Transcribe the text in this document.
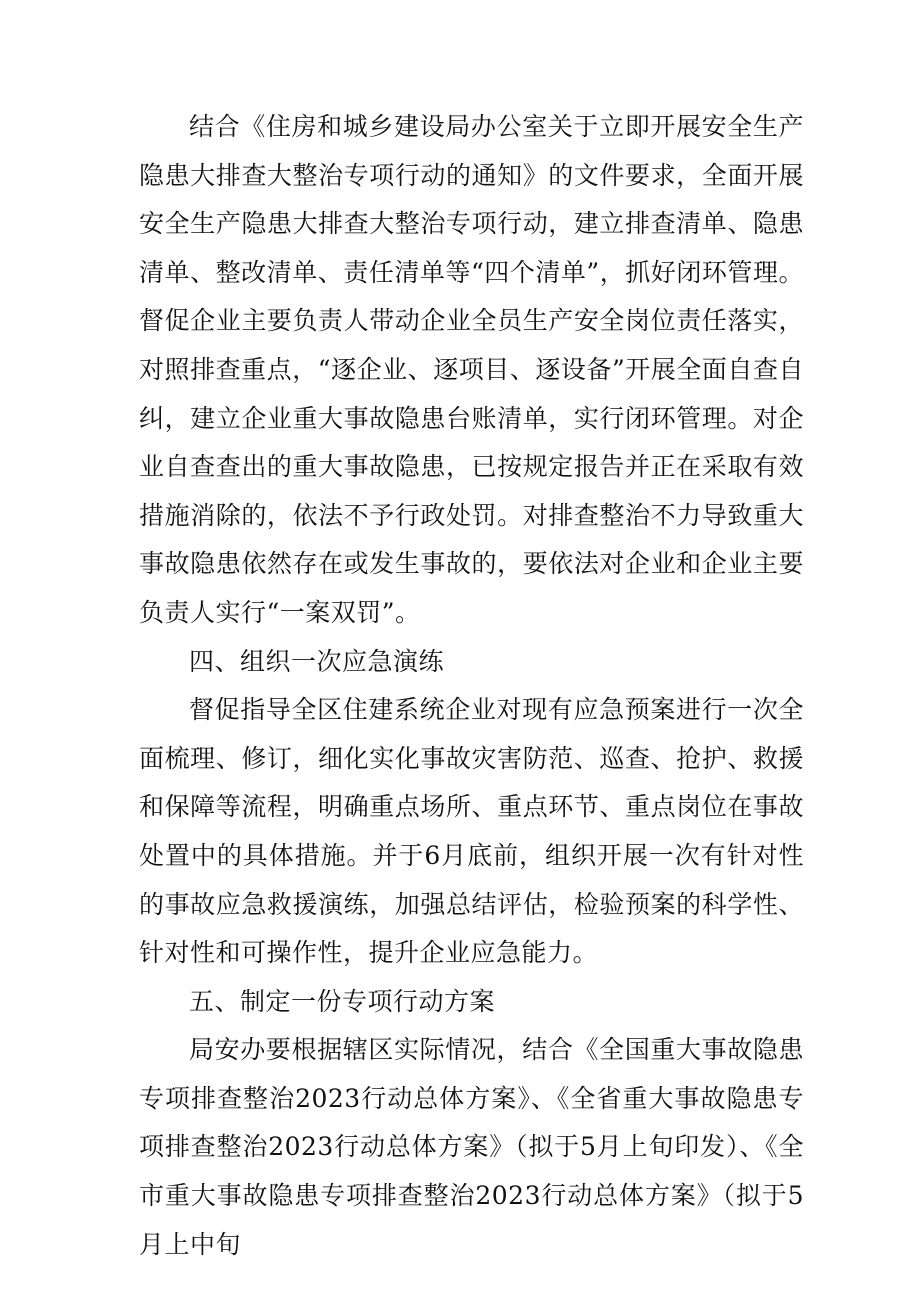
结合《住房和城乡建设局办公室关于立即开展安全生产隐患大排查大整治专项行动的通知》的文件要求，全面开展安全生产隐患大排查大整治专项行动，建立排查清单、隐患清单、整改清单、责任清单等“四个清单”，抓好闭环管理。督促企业主要负责人带动企业全员生产安全岗位责任落实，对照排查重点，“逐企业、逐项目、逐设备”开展全面自查自纠，建立企业重大事故隐患台账清单，实行闭环管理。对企业自查查出的重大事故隐患，已按规定报告并正在采取有效措施消除的，依法不予行政处罚。对排查整治不力导致重大事故隐患依然存在或发生事故的，要依法对企业和企业主要负责人实行“一案双罚”。

四、组织一次应急演练

督促指导全区住建系统企业对现有应急预案进行一次全面梳理、修订，细化实化事故灾害防范、巡查、抢护、救援和保障等流程，明确重点场所、重点环节、重点岗位在事故处置中的具体措施。并于6月底前，组织开展一次有针对性的事故应急救援演练，加强总结评估，检验预案的科学性、针对性和可操作性，提升企业应急能力。

五、制定一份专项行动方案

局安办要根据辖区实际情况，结合《全国重大事故隐患专项排查整治2023行动总体方案》、《全省重大事故隐患专项排查整治2023行动总体方案》（拟于5月上旬印发）、《全市重大事故隐患专项排查整治2023行动总体方案》（拟于5月上中旬
